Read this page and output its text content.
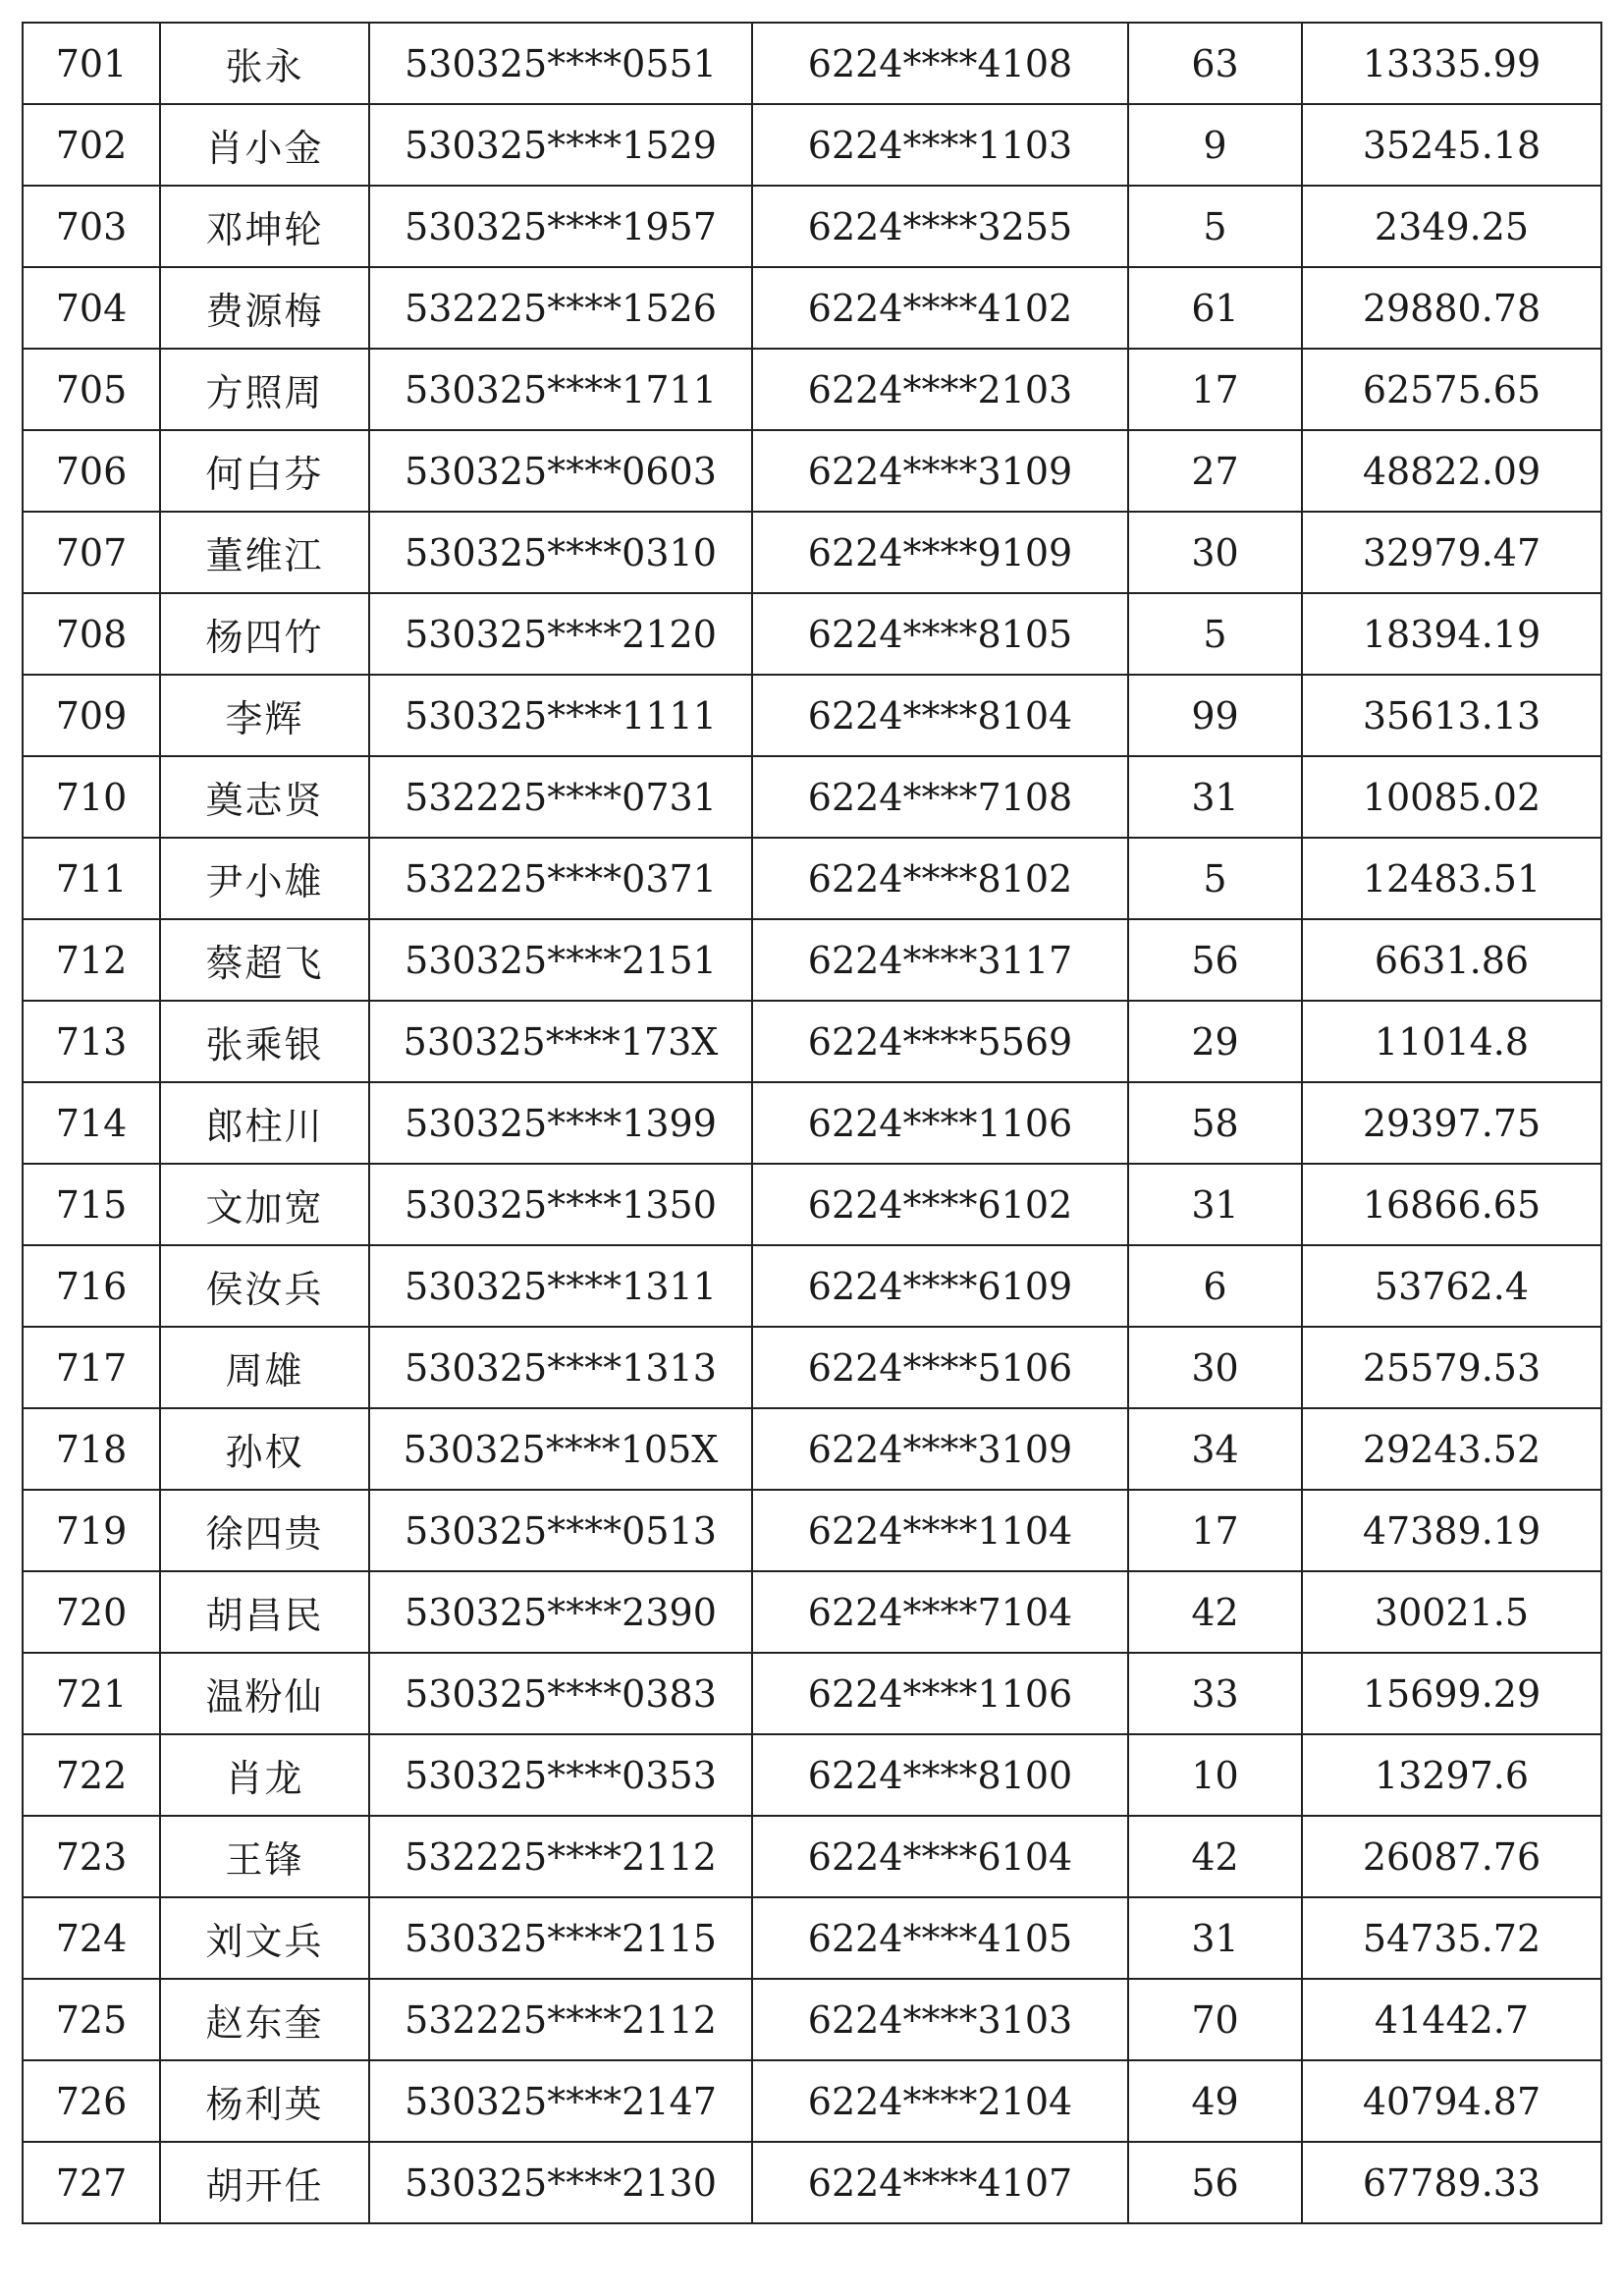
701	张永	530325****0551	6224****4108	63	13335.99
702	肖小金	530325****1529	6224****1103	9	35245.18
703	邓坤轮	530325****1957	6224****3255	5	2349.25
704	费源梅	532225****1526	6224****4102	61	29880.78
705	方照周	530325****1711	6224****2103	17	62575.65
706	何白芬	530325****0603	6224****3109	27	48822.09
707	董维江	530325****0310	6224****9109	30	32979.47
708	杨四竹	530325****2120	6224****8105	5	18394.19
709	李辉	530325****1111	6224****8104	99	35613.13
710	奠志贤	532225****0731	6224****7108	31	10085.02
711	尹小雄	532225****0371	6224****8102	5	12483.51
712	蔡超飞	530325****2151	6224****3117	56	6631.86
713	张乘银	530325****173X	6224****5569	29	11014.8
714	郎柱川	530325****1399	6224****1106	58	29397.75
715	文加宽	530325****1350	6224****6102	31	16866.65
716	侯汝兵	530325****1311	6224****6109	6	53762.4
717	周雄	530325****1313	6224****5106	30	25579.53
718	孙权	530325****105X	6224****3109	34	29243.52
719	徐四贵	530325****0513	6224****1104	17	47389.19
720	胡昌民	530325****2390	6224****7104	42	30021.5
721	温粉仙	530325****0383	6224****1106	33	15699.29
722	肖龙	530325****0353	6224****8100	10	13297.6
723	王锋	532225****2112	6224****6104	42	26087.76
724	刘文兵	530325****2115	6224****4105	31	54735.72
725	赵东奎	532225****2112	6224****3103	70	41442.7
726	杨利英	530325****2147	6224****2104	49	40794.87
727	胡开任	530325****2130	6224****4107	56	67789.33
